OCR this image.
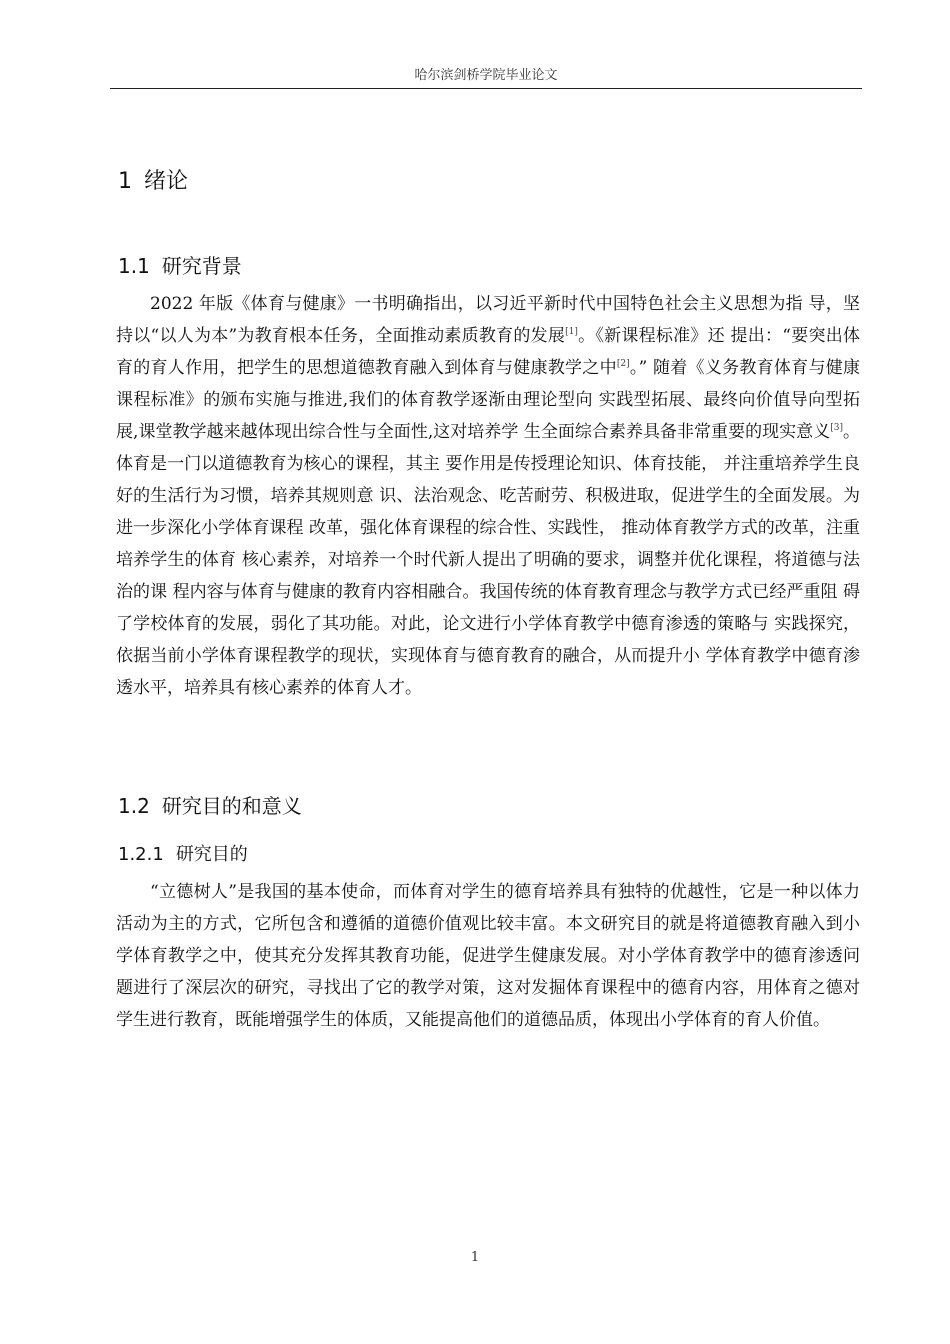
哈尔滨剑桥学院毕业论文
1 绪论
1.1 研究背景
2022 年版《体育与健康》一书明确指出，以习近平新时代中国特色社会主义思想为指 导，坚持以“以人为本”为教育根本任务，全面推动素质教育的发展[1]。《新课程标准》还 提出：“要突出体育的育人作用，把学生的思想道德教育融入到体育与健康教学之中[2]。” 随着《义务教育体育与健康课程标准》的颁布实施与推进,我们的体育教学逐渐由理论型向 实践型拓展、最终向价值导向型拓展,课堂教学越来越体现出综合性与全面性,这对培养学 生全面综合素养具备非常重要的现实意义[3]。体育是一门以道德教育为核心的课程，其主 要作用是传授理论知识、体育技能， 并注重培养学生良好的生活行为习惯，培养其规则意 识、法治观念、吃苦耐劳、积极进取，促进学生的全面发展。为进一步深化小学体育课程 改革，强化体育课程的综合性、实践性， 推动体育教学方式的改革，注重培养学生的体育 核心素养，对培养一个时代新人提出了明确的要求，调整并优化课程，将道德与法治的课 程内容与体育与健康的教育内容相融合。我国传统的体育教育理念与教学方式已经严重阻 碍了学校体育的发展，弱化了其功能。对此，论文进行小学体育教学中德育渗透的策略与 实践探究，依据当前小学体育课程教学的现状，实现体育与德育教育的融合，从而提升小 学体育教学中德育渗透水平，培养具有核心素养的体育人才。
1.2 研究目的和意义
1.2.1 研究目的
“立德树人”是我国的基本使命，而体育对学生的德育培养具有独特的优越性，它是一种以体力活动为主的方式，它所包含和遵循的道德价值观比较丰富。本文研究目的就是将道德教育融入到小学体育教学之中，使其充分发挥其教育功能，促进学生健康发展。对小学体育教学中的德育渗透问题进行了深层次的研究，寻找出了它的教学对策，这对发掘体育课程中的德育内容，用体育之德对学生进行教育，既能增强学生的体质，又能提高他们的道德品质，体现出小学体育的育人价值。
1
